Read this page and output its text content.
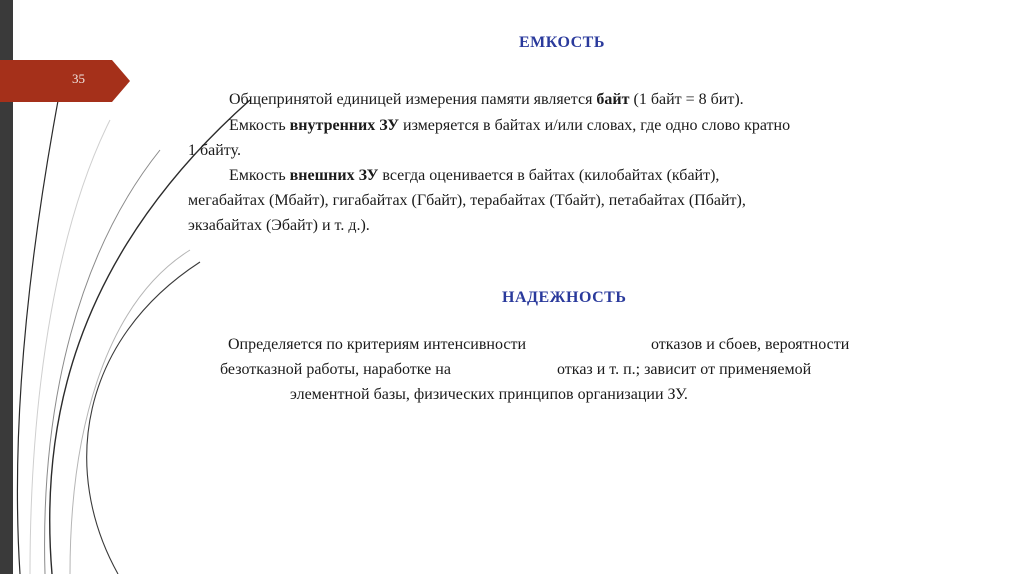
35
ЕМКОСТЬ
Общепринятой единицей измерения памяти является байт (1 байт = 8 бит).
Емкость внутренних ЗУ измеряется в байтах и/или словах, где одно слово кратно
1 байту.
Емкость внешних ЗУ всегда оценивается в байтах (килобайтах (кбайт),
мегабайтах (Мбайт), гигабайтах (Гбайт), терабайтах (Тбайт), петабайтах (Пбайт),
экзабайтах (Эбайт) и т. д.).
НАДЕЖНОСТЬ
Определяется по критериям интенсивности	отказов и сбоев, вероятности
безотказной работы, наработке на	отказ и т. п.; зависит от применяемой
элементной базы, физических принципов организации ЗУ.
